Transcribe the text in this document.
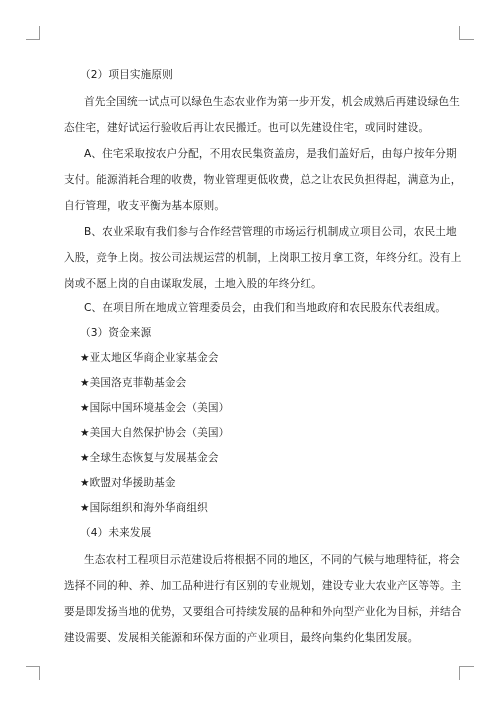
（2）项目实施原则
首先全国统一试点可以绿色生态农业作为第一步开发，机会成熟后再建设绿色生
态住宅，建好试运行验收后再让农民搬迁。也可以先建设住宅，或同时建设。
A、住宅采取按农户分配，不用农民集资盖房，是我们盖好后，由每户按年分期
支付。能源消耗合理的收费，物业管理更低收费，总之让农民负担得起，满意为止，
自行管理，收支平衡为基本原则。
B、农业采取有我们参与合作经营管理的市场运行机制成立项目公司，农民土地
入股，竞争上岗。按公司法规运营的机制，上岗职工按月拿工资，年终分红。没有上
岗或不愿上岗的自由谋取发展，土地入股的年终分红。
C、在项目所在地成立管理委员会，由我们和当地政府和农民股东代表组成。
（3）资金来源
★亚太地区华商企业家基金会
★美国洛克菲勒基金会
★国际中国环境基金会（美国）
★美国大自然保护协会（美国）
★全球生态恢复与发展基金会
★欧盟对华援助基金
★国际组织和海外华商组织
（4）未来发展
生态农村工程项目示范建设后将根据不同的地区，不同的气候与地理特征，将会
选择不同的种、养、加工品种进行有区别的专业规划，建设专业大农业产区等等。主
要是即发扬当地的优势，又要组合可持续发展的品种和外向型产业化为目标，并结合
建设需要、发展相关能源和环保方面的产业项目，最终向集约化集团发展。
